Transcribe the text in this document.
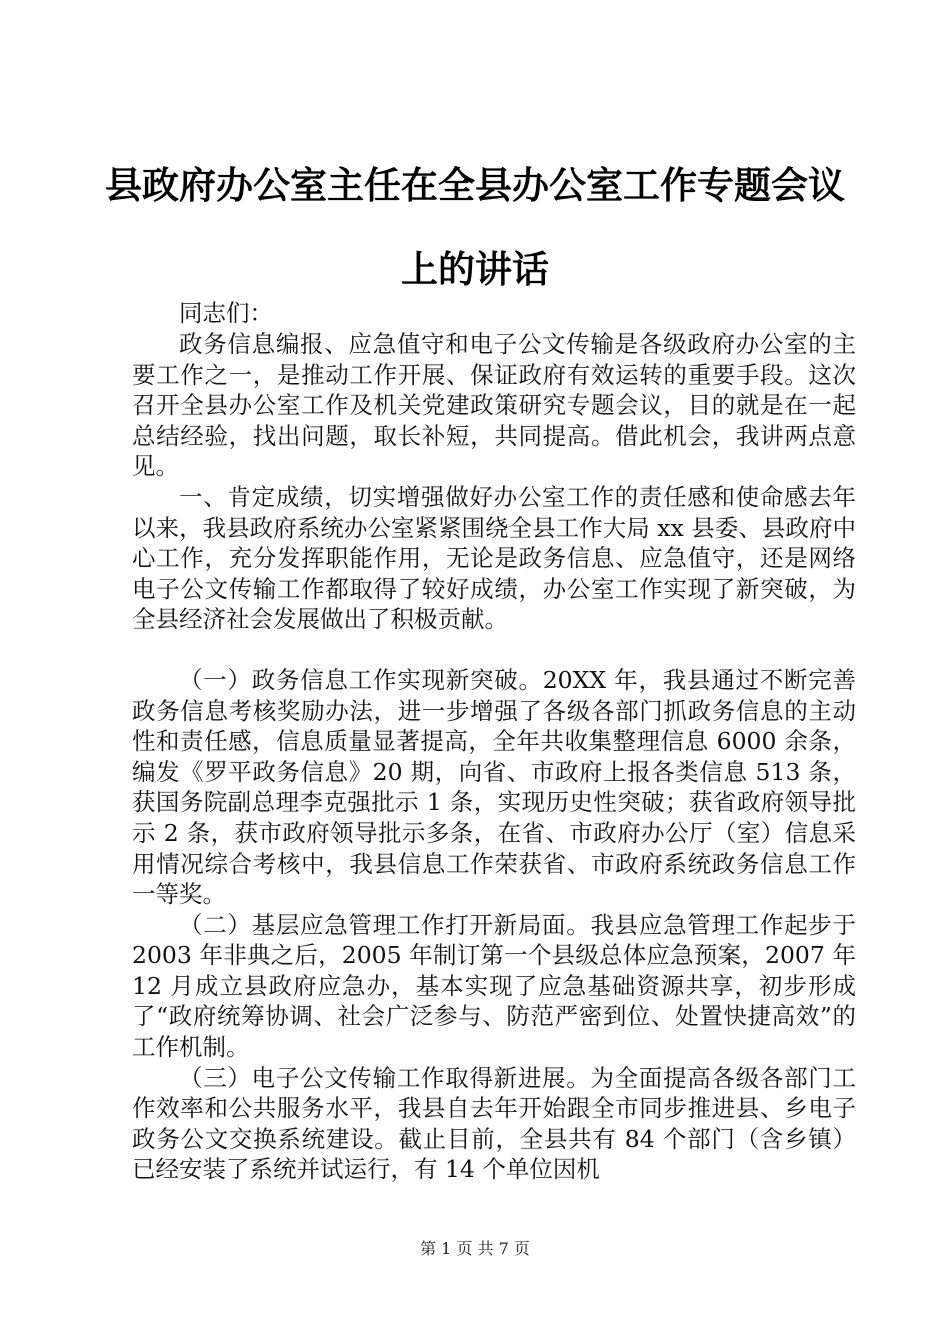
县政府办公室主任在全县办公室工作专题会议
上的讲话

同志们：

政务信息编报、应急值守和电子公文传输是各级政府办公室的主要工作之一，是推动工作开展、保证政府有效运转的重要手段。这次召开全县办公室工作及机关党建政策研究专题会议，目的就是在一起总结经验，找出问题，取长补短，共同提高。借此机会，我讲两点意见。

一、肯定成绩，切实增强做好办公室工作的责任感和使命感去年以来，我县政府系统办公室紧紧围绕全县工作大局 xx 县委、县政府中心工作，充分发挥职能作用，无论是政务信息、应急值守，还是网络电子公文传输工作都取得了较好成绩，办公室工作实现了新突破，为全县经济社会发展做出了积极贡献。

（一）政务信息工作实现新突破。20XX 年，我县通过不断完善政务信息考核奖励办法，进一步增强了各级各部门抓政务信息的主动性和责任感，信息质量显著提高，全年共收集整理信息 6000 余条，编发《罗平政务信息》20 期，向省、市政府上报各类信息 513 条，获国务院副总理李克强批示 1 条，实现历史性突破；获省政府领导批示 2 条，获市政府领导批示多条，在省、市政府办公厅（室）信息采用情况综合考核中，我县信息工作荣获省、市政府系统政务信息工作一等奖。

（二）基层应急管理工作打开新局面。我县应急管理工作起步于 2003 年非典之后，2005 年制订第一个县级总体应急预案，2007 年 12 月成立县政府应急办，基本实现了应急基础资源共享，初步形成了“政府统筹协调、社会广泛参与、防范严密到位、处置快捷高效”的工作机制。

（三）电子公文传输工作取得新进展。为全面提高各级各部门工作效率和公共服务水平，我县自去年开始跟全市同步推进县、乡电子政务公文交换系统建设。截止目前，全县共有 84 个部门（含乡镇）已经安装了系统并试运行，有 14 个单位因机

第 1 页 共 7 页
